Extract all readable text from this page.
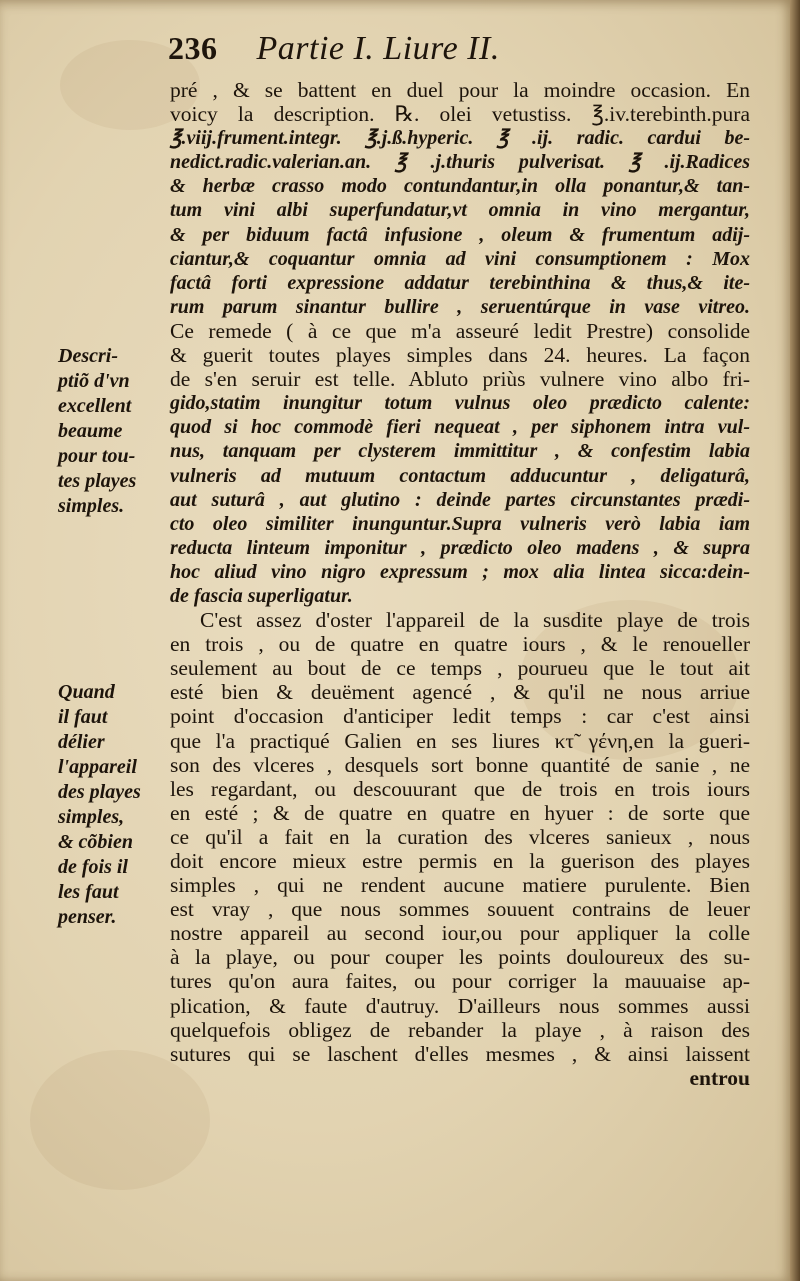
236 Partie I. Liure II.
Descri-
ptiõ d'vn
excellent
beaume
pour tou-
tes playes
simples.
Quand
il faut
délier
l'appareil
des playes
simples,
& cõbien
de fois il
les faut
penser.
pré , & se battent en duel pour la moindre occasion. En
voicy la description. ℞. olei vetustiss. ℥.iv.terebinth.pura
℥.viij.frument.integr. ℥.j.ß.hyperic. ℥ .ij. radic. cardui be-
nedict.radic.valerian.an. ℥ .j.thuris pulverisat. ℥ .ij.Radices
& herbæ crasso modo contundantur,in olla ponantur,& tan-
tum vini albi superfundatur,vt omnia in vino mergantur,
& per biduum factâ infusione , oleum & frumentum adij-
ciantur,& coquantur omnia ad vini consumptionem : Mox
factâ forti expressione addatur terebinthina & thus,& ite-
rum parum sinantur bullire , seruentúrque in vase vitreo.
Ce remede ( à ce que m'a asseuré ledit Prestre) consolide
& guerit toutes playes simples dans 24. heures. La façon
de s'en seruir est telle. Abluto priùs vulnere vino albo fri-
gido,statim inungitur totum vulnus oleo prædicto calente:
quod si hoc commodè fieri nequeat , per siphonem intra vul-
nus, tanquam per clysterem immittitur , & confestim labia
vulneris ad mutuum contactum adducuntur , deligaturâ,
aut suturâ , aut glutino : deinde partes circunstantes prædi-
cto oleo similiter inunguntur.Supra vulneris verò labia iam
reducta linteum imponitur , prædicto oleo madens , & supra
hoc aliud vino nigro expressum ; mox alia lintea sicca:dein-
de fascia superligatur.
C'est assez d'oster l'appareil de la susdite playe de trois
en trois , ou de quatre en quatre iours , & le renoueller
seulement au bout de ce temps , pourueu que le tout ait
esté bien & deuëment agencé , & qu'il ne nous arriue
point d'occasion d'anticiper ledit temps : car c'est ainsi
que l'a practiqué Galien en ses liures κτ̃ γένη,en la gueri-
son des vlceres , desquels sort bonne quantité de sanie , ne
les regardant, ou descouurant que de trois en trois iours
en esté ; & de quatre en quatre en hyuer : de sorte que
ce qu'il a fait en la curation des vlceres sanieux , nous
doit encore mieux estre permis en la guerison des playes
simples , qui ne rendent aucune matiere purulente. Bien
est vray , que nous sommes souuent contrains de leuer
nostre appareil au second iour,ou pour appliquer la colle
à la playe, ou pour couper les points douloureux des su-
tures qu'on aura faites, ou pour corriger la mauuaise ap-
plication, & faute d'autruy. D'ailleurs nous sommes aussi
quelquefois obligez de rebander la playe , à raison des
sutures qui se laschent d'elles mesmes , & ainsi laissent
entrou
